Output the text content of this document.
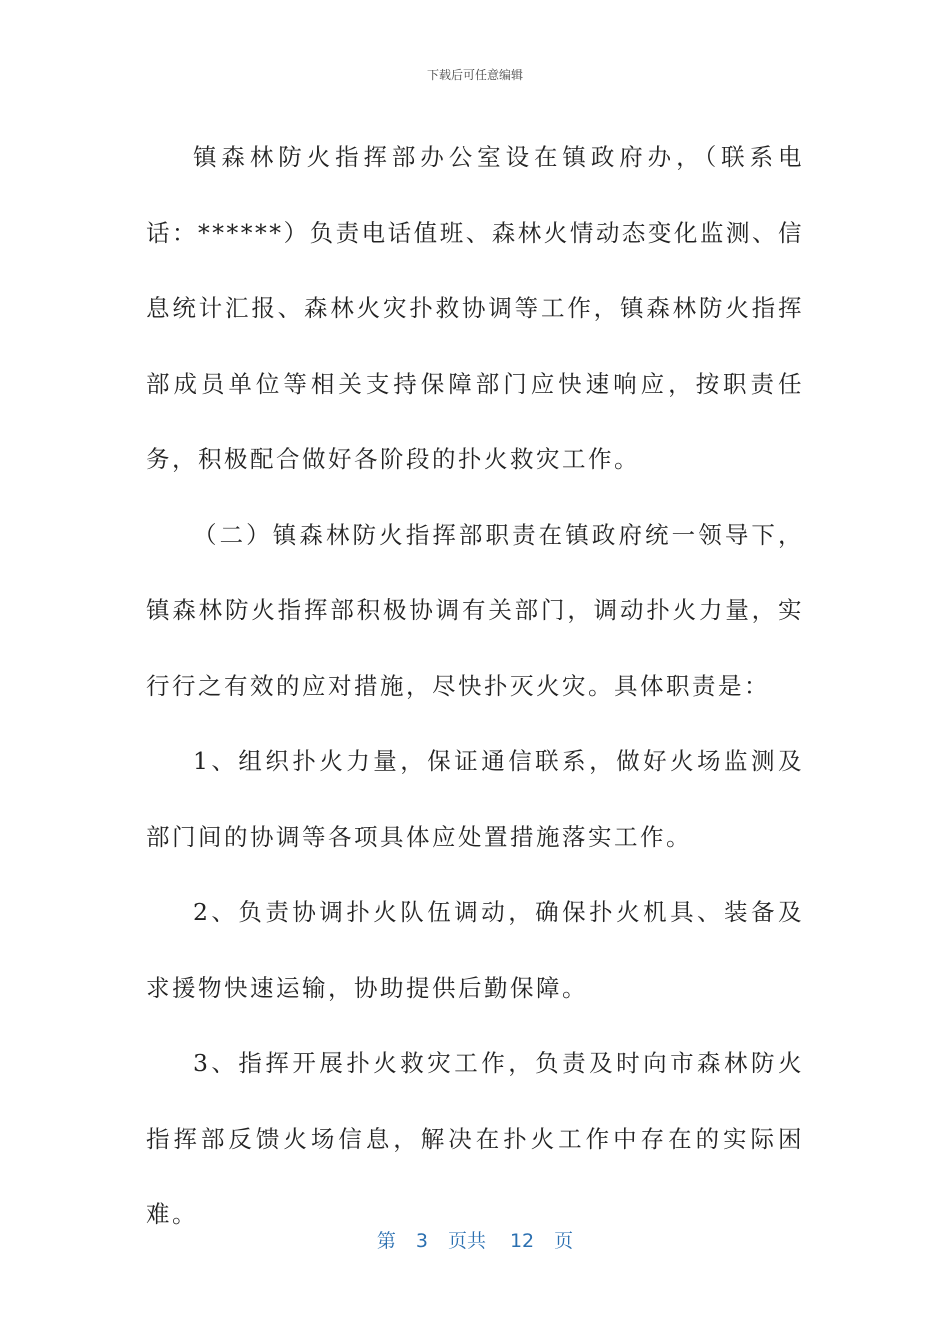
下载后可任意编辑

镇森林防火指挥部办公室设在镇政府办，（联系电话：******）负责电话值班、森林火情动态变化监测、信息统计汇报、森林火灾扑救协调等工作，镇森林防火指挥部成员单位等相关支持保障部门应快速响应，按职责任务，积极配合做好各阶段的扑火救灾工作。

（二）镇森林防火指挥部职责在镇政府统一领导下，镇森林防火指挥部积极协调有关部门，调动扑火力量，实行行之有效的应对措施，尽快扑灭火灾。具体职责是：

1、组织扑火力量，保证通信联系，做好火场监测及部门间的协调等各项具体应处置措施落实工作。

2、负责协调扑火队伍调动，确保扑火机具、装备及求援物快速运输，协助提供后勤保障。

3、指挥开展扑火救灾工作，负责及时向市森林防火指挥部反馈火场信息，解决在扑火工作中存在的实际困难。

第 3 页共 12 页
